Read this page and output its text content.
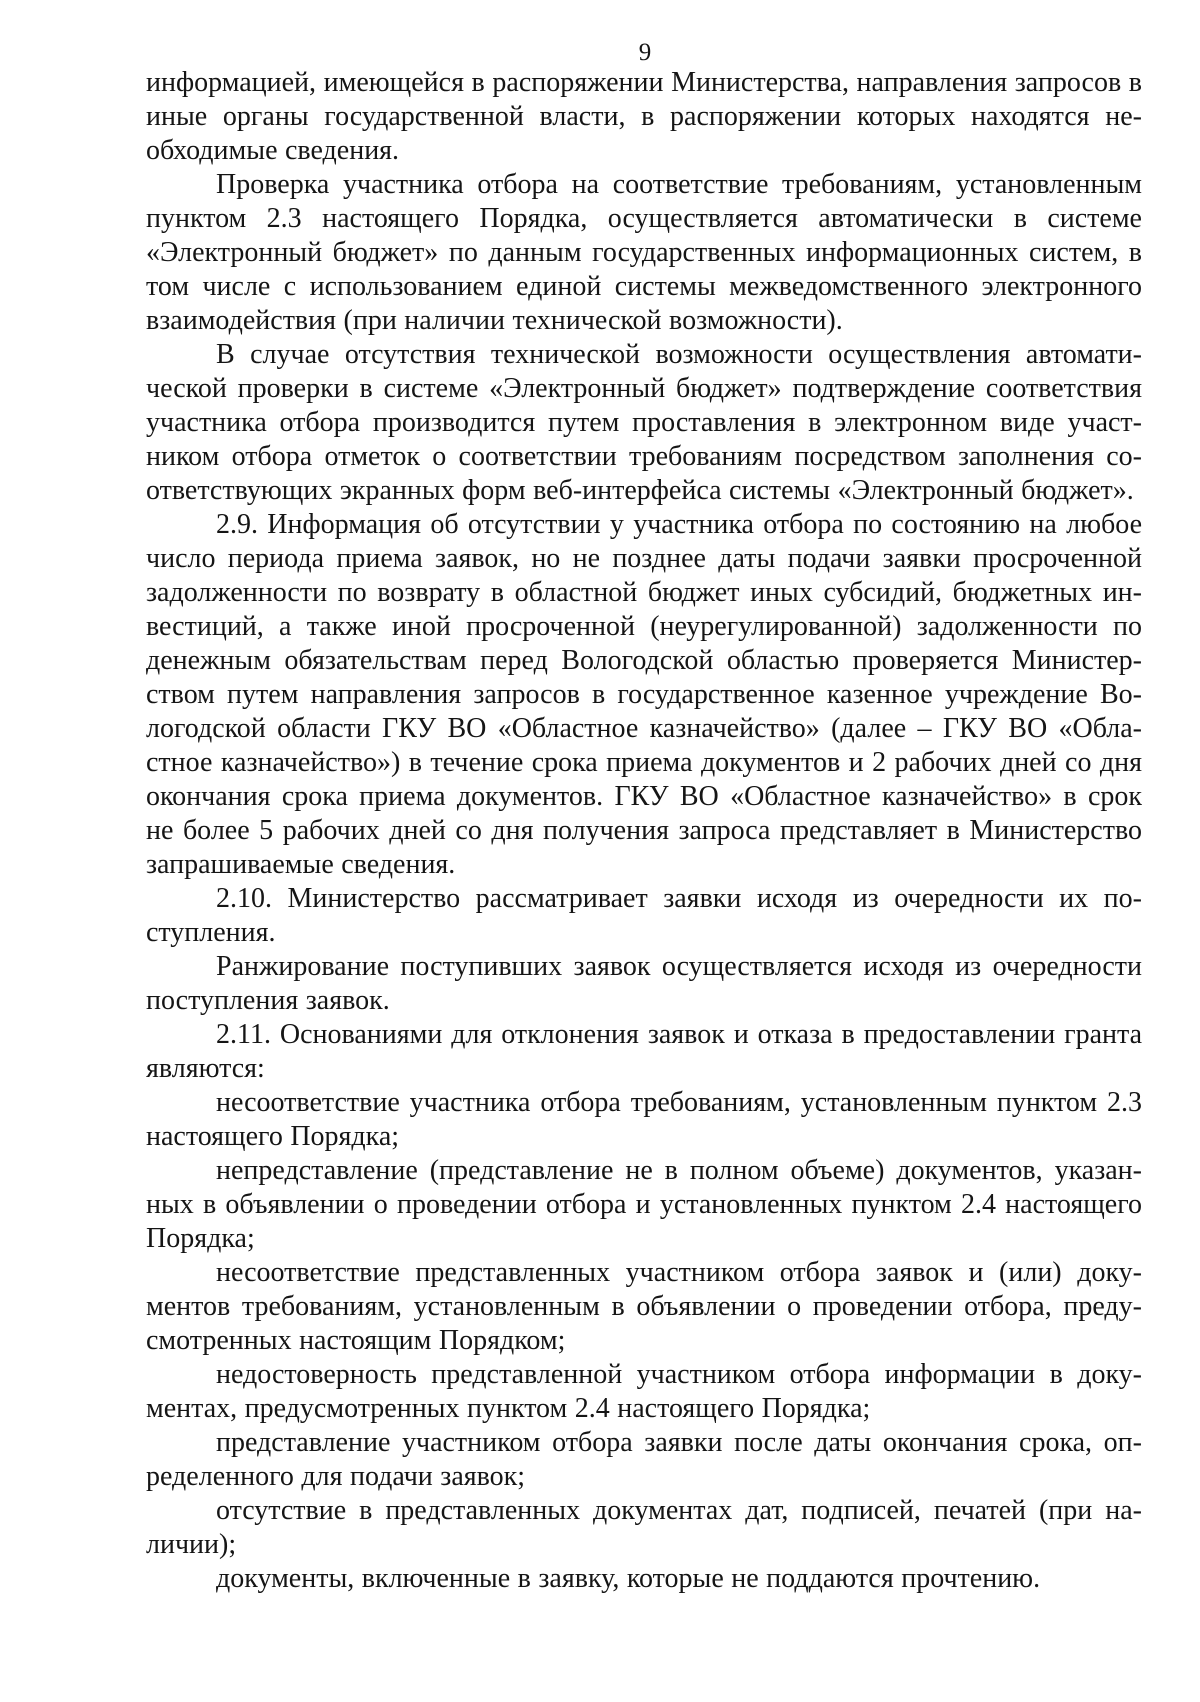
9

информацией, имеющейся в распоряжении Министерства, направления запросов в иные органы государственной власти, в распоряжении которых находятся необходимые сведения.

Проверка участника отбора на соответствие требованиям, установленным пунктом 2.3 настоящего Порядка, осуществляется автоматически в системе «Электронный бюджет» по данным государственных информационных систем, в том числе с использованием единой системы межведомственного электронного взаимодействия (при наличии технической возможности).

В случае отсутствия технической возможности осуществления автоматической проверки в системе «Электронный бюджет» подтверждение соответствия участника отбора производится путем проставления в электронном виде участником отбора отметок о соответствии требованиям посредством заполнения соответствующих экранных форм веб-интерфейса системы «Электронный бюджет».

2.9. Информация об отсутствии у участника отбора по состоянию на любое число периода приема заявок, но не позднее даты подачи заявки просроченной задолженности по возврату в областной бюджет иных субсидий, бюджетных инвестиций, а также иной просроченной (неурегулированной) задолженности по денежным обязательствам перед Вологодской областью проверяется Министерством путем направления запросов в государственное казенное учреждение Вологодской области ГКУ ВО «Областное казначейство» (далее – ГКУ ВО «Областное казначейство») в течение срока приема документов и 2 рабочих дней со дня окончания срока приема документов. ГКУ ВО «Областное казначейство» в срок не более 5 рабочих дней со дня получения запроса представляет в Министерство запрашиваемые сведения.

2.10. Министерство рассматривает заявки исходя из очередности их поступления.

Ранжирование поступивших заявок осуществляется исходя из очередности поступления заявок.

2.11. Основаниями для отклонения заявок и отказа в предоставлении гранта являются:

несоответствие участника отбора требованиям, установленным пунктом 2.3 настоящего Порядка;

непредставление (представление не в полном объеме) документов, указанных в объявлении о проведении отбора и установленных пунктом 2.4 настоящего Порядка;

несоответствие представленных участником отбора заявок и (или) документов требованиям, установленным в объявлении о проведении отбора, предусмотренных настоящим Порядком;

недостоверность представленной участником отбора информации в документах, предусмотренных пунктом 2.4 настоящего Порядка;

представление участником отбора заявки после даты окончания срока, определенного для подачи заявок;

отсутствие в представленных документах дат, подписей, печатей (при наличии);

документы, включенные в заявку, которые не поддаются прочтению.
